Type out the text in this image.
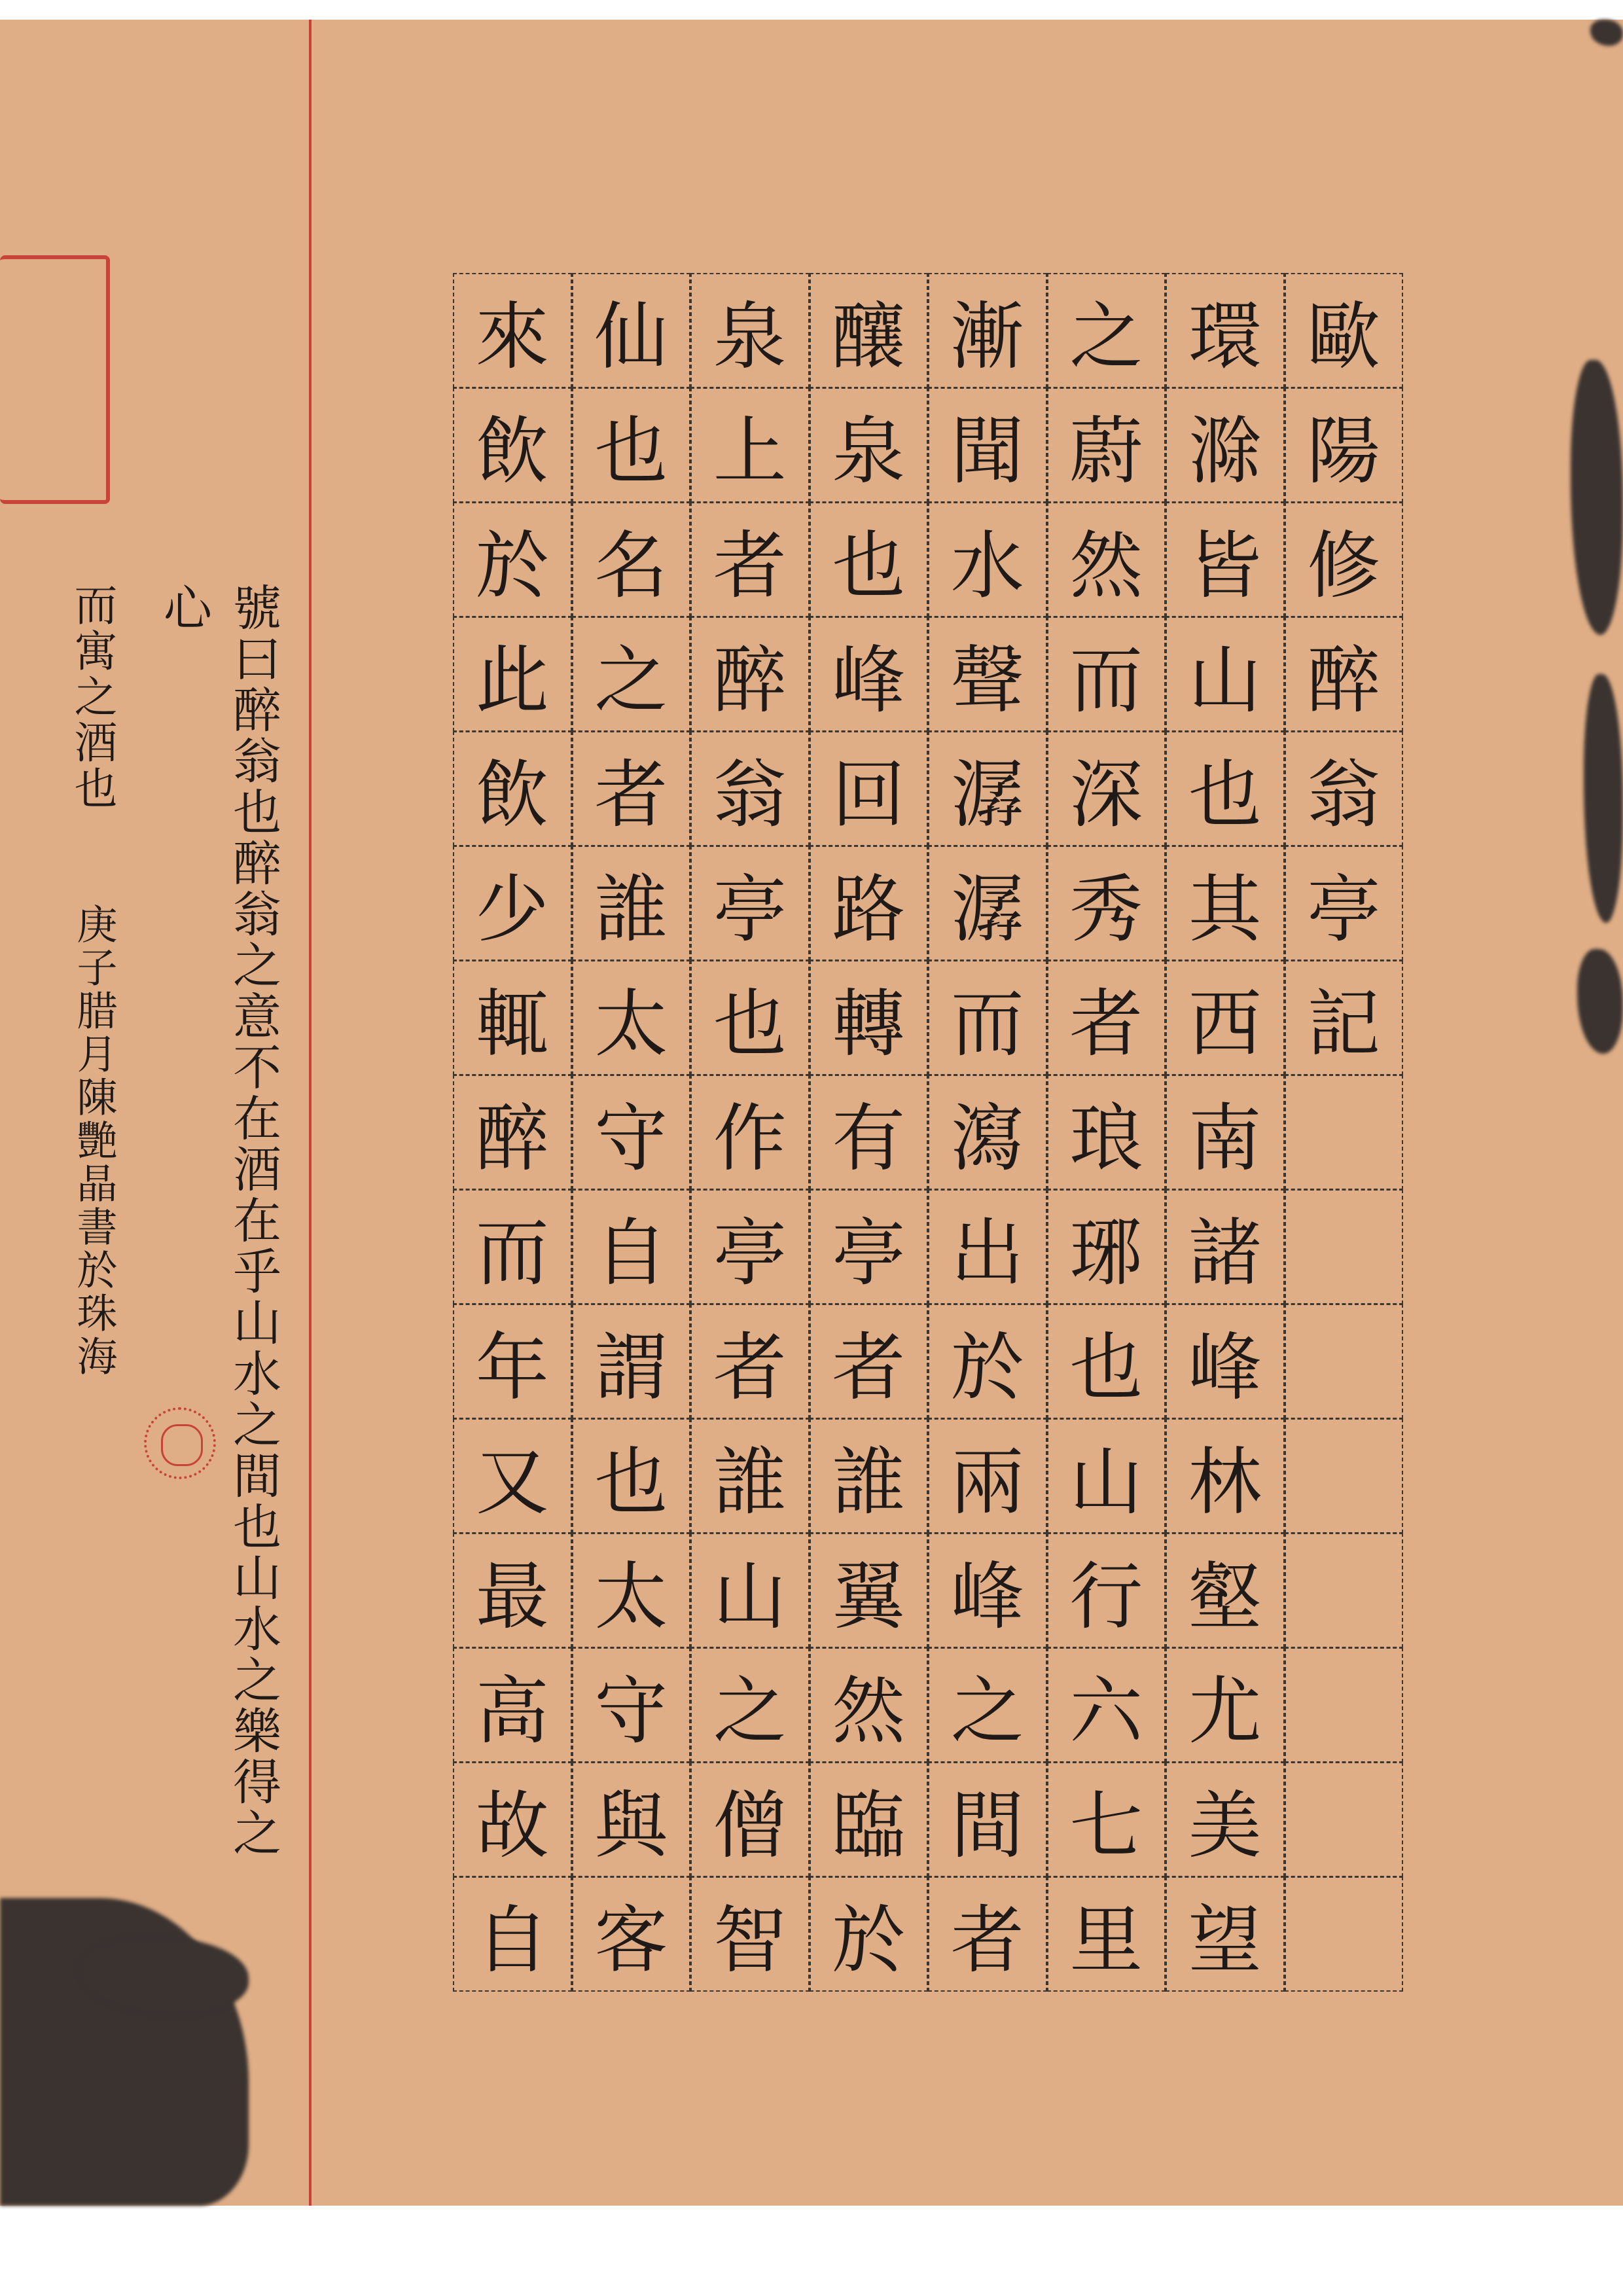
歐
陽
修
醉
翁
亭
記
環
滁
皆
山
也
其
西
南
諸
峰
林
壑
尤
美
望
之
蔚
然
而
深
秀
者
琅
琊
也
山
行
六
七
里
漸
聞
水
聲
潺
潺
而
瀉
出
於
兩
峰
之
間
者
釀
泉
也
峰
回
路
轉
有
亭
者
誰
翼
然
臨
於
泉
上
者
醉
翁
亭
也
作
亭
者
誰
山
之
僧
智
仙
也
名
之
者
誰
太
守
自
謂
也
太
守
與
客
來
飲
於
此
飲
少
輒
醉
而
年
又
最
高
故
自
號曰醉翁也醉翁之意不在酒在乎山水之間也山水之樂得之心
而寓之酒也
庚子腊月陳艷晶書於珠海
